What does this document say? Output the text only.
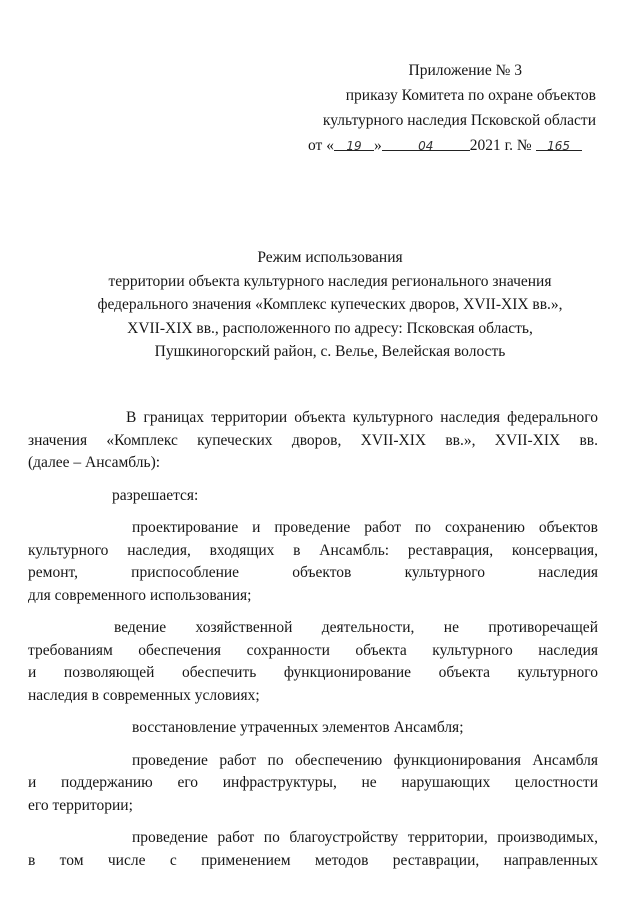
Приложение № 3
приказу Комитета по охране объектов
культурного наследия Псковской области
от « 19 »	04 2021 г. № 165
Режим использования
территории объекта культурного наследия регионального значения
федерального значения «Комплекс купеческих дворов, XVII-XIX вв.»,
XVII-XIX вв., расположенного по адресу: Псковская область,
Пушкиногорский район, с. Велье, Велейская волость
В границах территории объекта культурного наследия федерального
значения «Комплекс купеческих дворов, XVII-XIX вв.», XVII-XIX вв.
(далее – Ансамбль):
разрешается:
проектирование и проведение работ по сохранению объектов
культурного наследия, входящих в Ансамбль: реставрация, консервация,
ремонт, приспособление объектов культурного наследия
для современного использования;
ведение хозяйственной деятельности, не противоречащей
требованиям обеспечения сохранности объекта культурного наследия
и позволяющей обеспечить функционирование объекта культурного
наследия в современных условиях;
восстановление утраченных элементов Ансамбля;
проведение работ по обеспечению функционирования Ансамбля
и поддержанию его инфраструктуры, не нарушающих целостности
его территории;
проведение работ по благоустройству территории, производимых,
в том числе с применением методов реставрации, направленных
